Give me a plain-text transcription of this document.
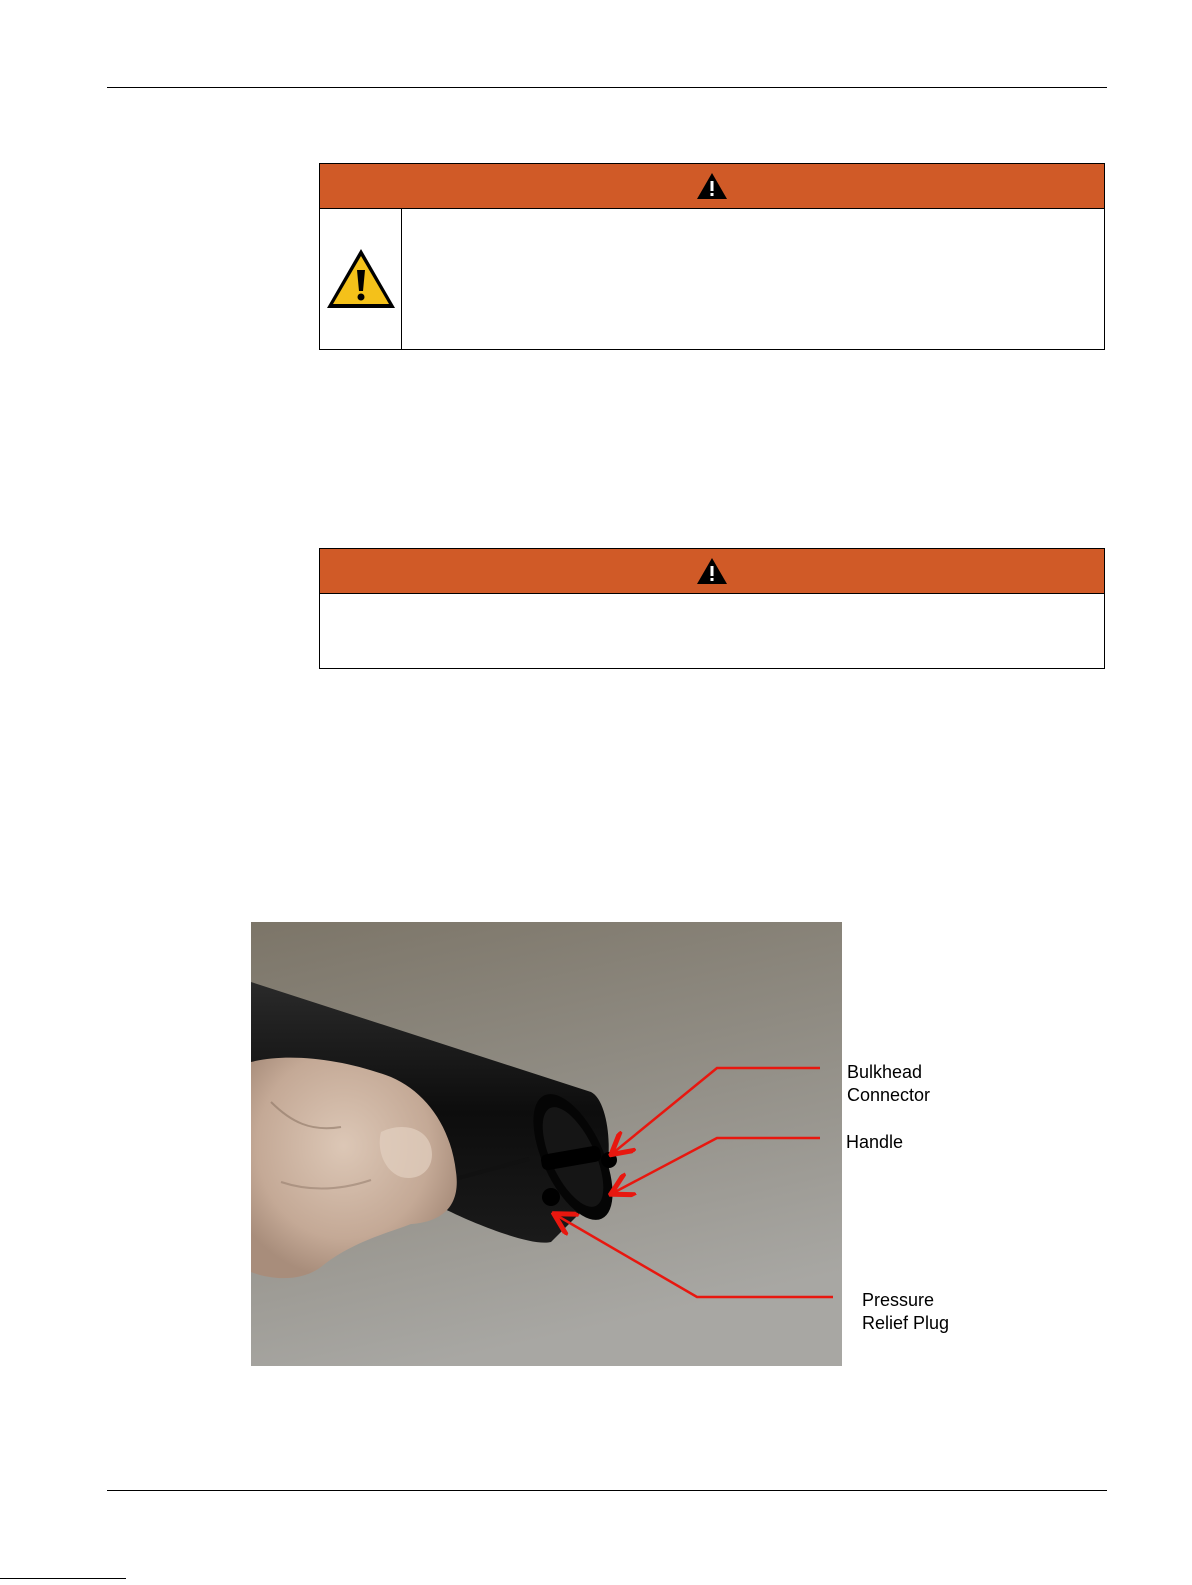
Bulkhead
Connector
Handle
Pressure
Relief Plug
